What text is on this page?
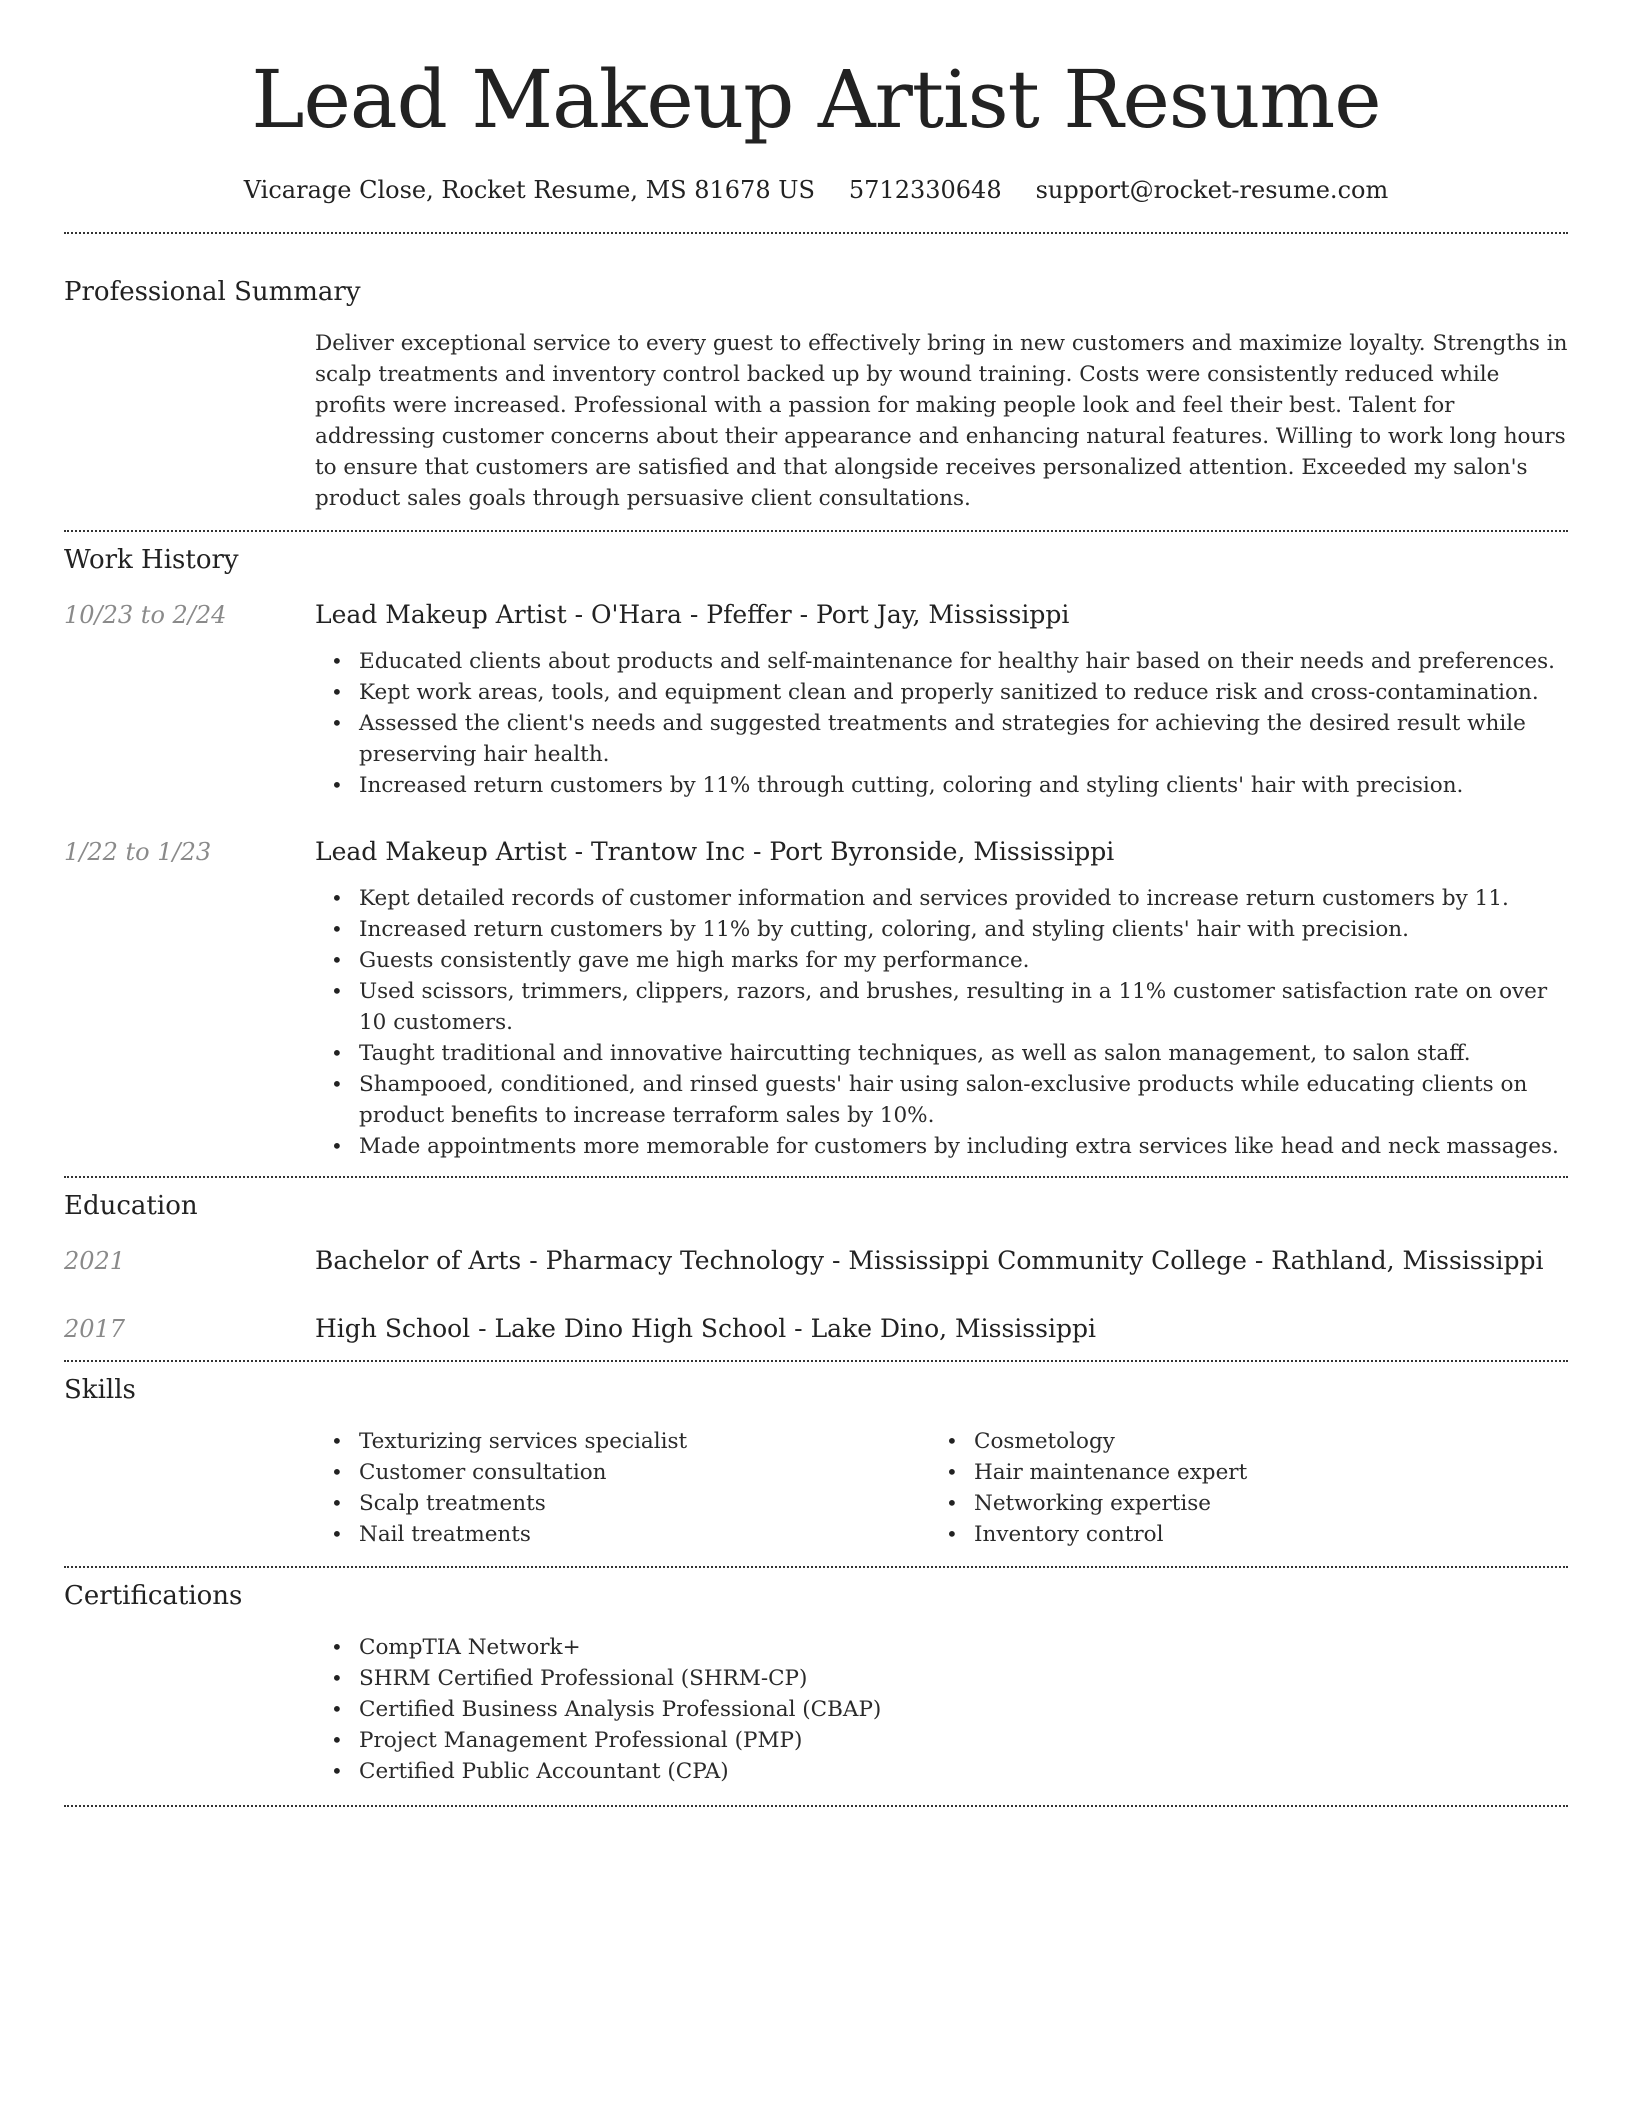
Lead Makeup Artist Resume
Vicarage Close, Rocket Resume, MS 81678 US 5712330648 support@rocket-resume.com
Professional Summary

Deliver exceptional service to every guest to effectively bring in new customers and maximize loyalty. Strengths in scalp treatments and inventory control backed up by wound training. Costs were consistently reduced while profits were increased. Professional with a passion for making people look and feel their best. Talent for addressing customer concerns about their appearance and enhancing natural features. Willing to work long hours to ensure that customers are satisfied and that alongside receives personalized attention. Exceeded my salon's product sales goals through persuasive client consultations.

Work History
10/23 to 2/24	Lead Makeup Artist - O'Hara - Pfeffer - Port Jay, Mississippi
• Educated clients about products and self-maintenance for healthy hair based on their needs and preferences.
• Kept work areas, tools, and equipment clean and properly sanitized to reduce risk and cross-contamination.
• Assessed the client's needs and suggested treatments and strategies for achieving the desired result while preserving hair health.
• Increased return customers by 11% through cutting, coloring and styling clients' hair with precision.
1/22 to 1/23	Lead Makeup Artist - Trantow Inc - Port Byronside, Mississippi
• Kept detailed records of customer information and services provided to increase return customers by 11.
• Increased return customers by 11% by cutting, coloring, and styling clients' hair with precision.
• Guests consistently gave me high marks for my performance.
• Used scissors, trimmers, clippers, razors, and brushes, resulting in a 11% customer satisfaction rate on over 10 customers.
• Taught traditional and innovative haircutting techniques, as well as salon management, to salon staff.
• Shampooed, conditioned, and rinsed guests' hair using salon-exclusive products while educating clients on product benefits to increase terraform sales by 10%.
• Made appointments more memorable for customers by including extra services like head and neck massages.
Education
2021	Bachelor of Arts - Pharmacy Technology - Mississippi Community College - Rathland, Mississippi
2017	High School - Lake Dino High School - Lake Dino, Mississippi
Skills
• Texturizing services specialist
• Customer consultation
• Scalp treatments
• Nail treatments
• Cosmetology
• Hair maintenance expert
• Networking expertise
• Inventory control
Certifications
• CompTIA Network+
• SHRM Certified Professional (SHRM-CP)
• Certified Business Analysis Professional (CBAP)
• Project Management Professional (PMP)
• Certified Public Accountant (CPA)
